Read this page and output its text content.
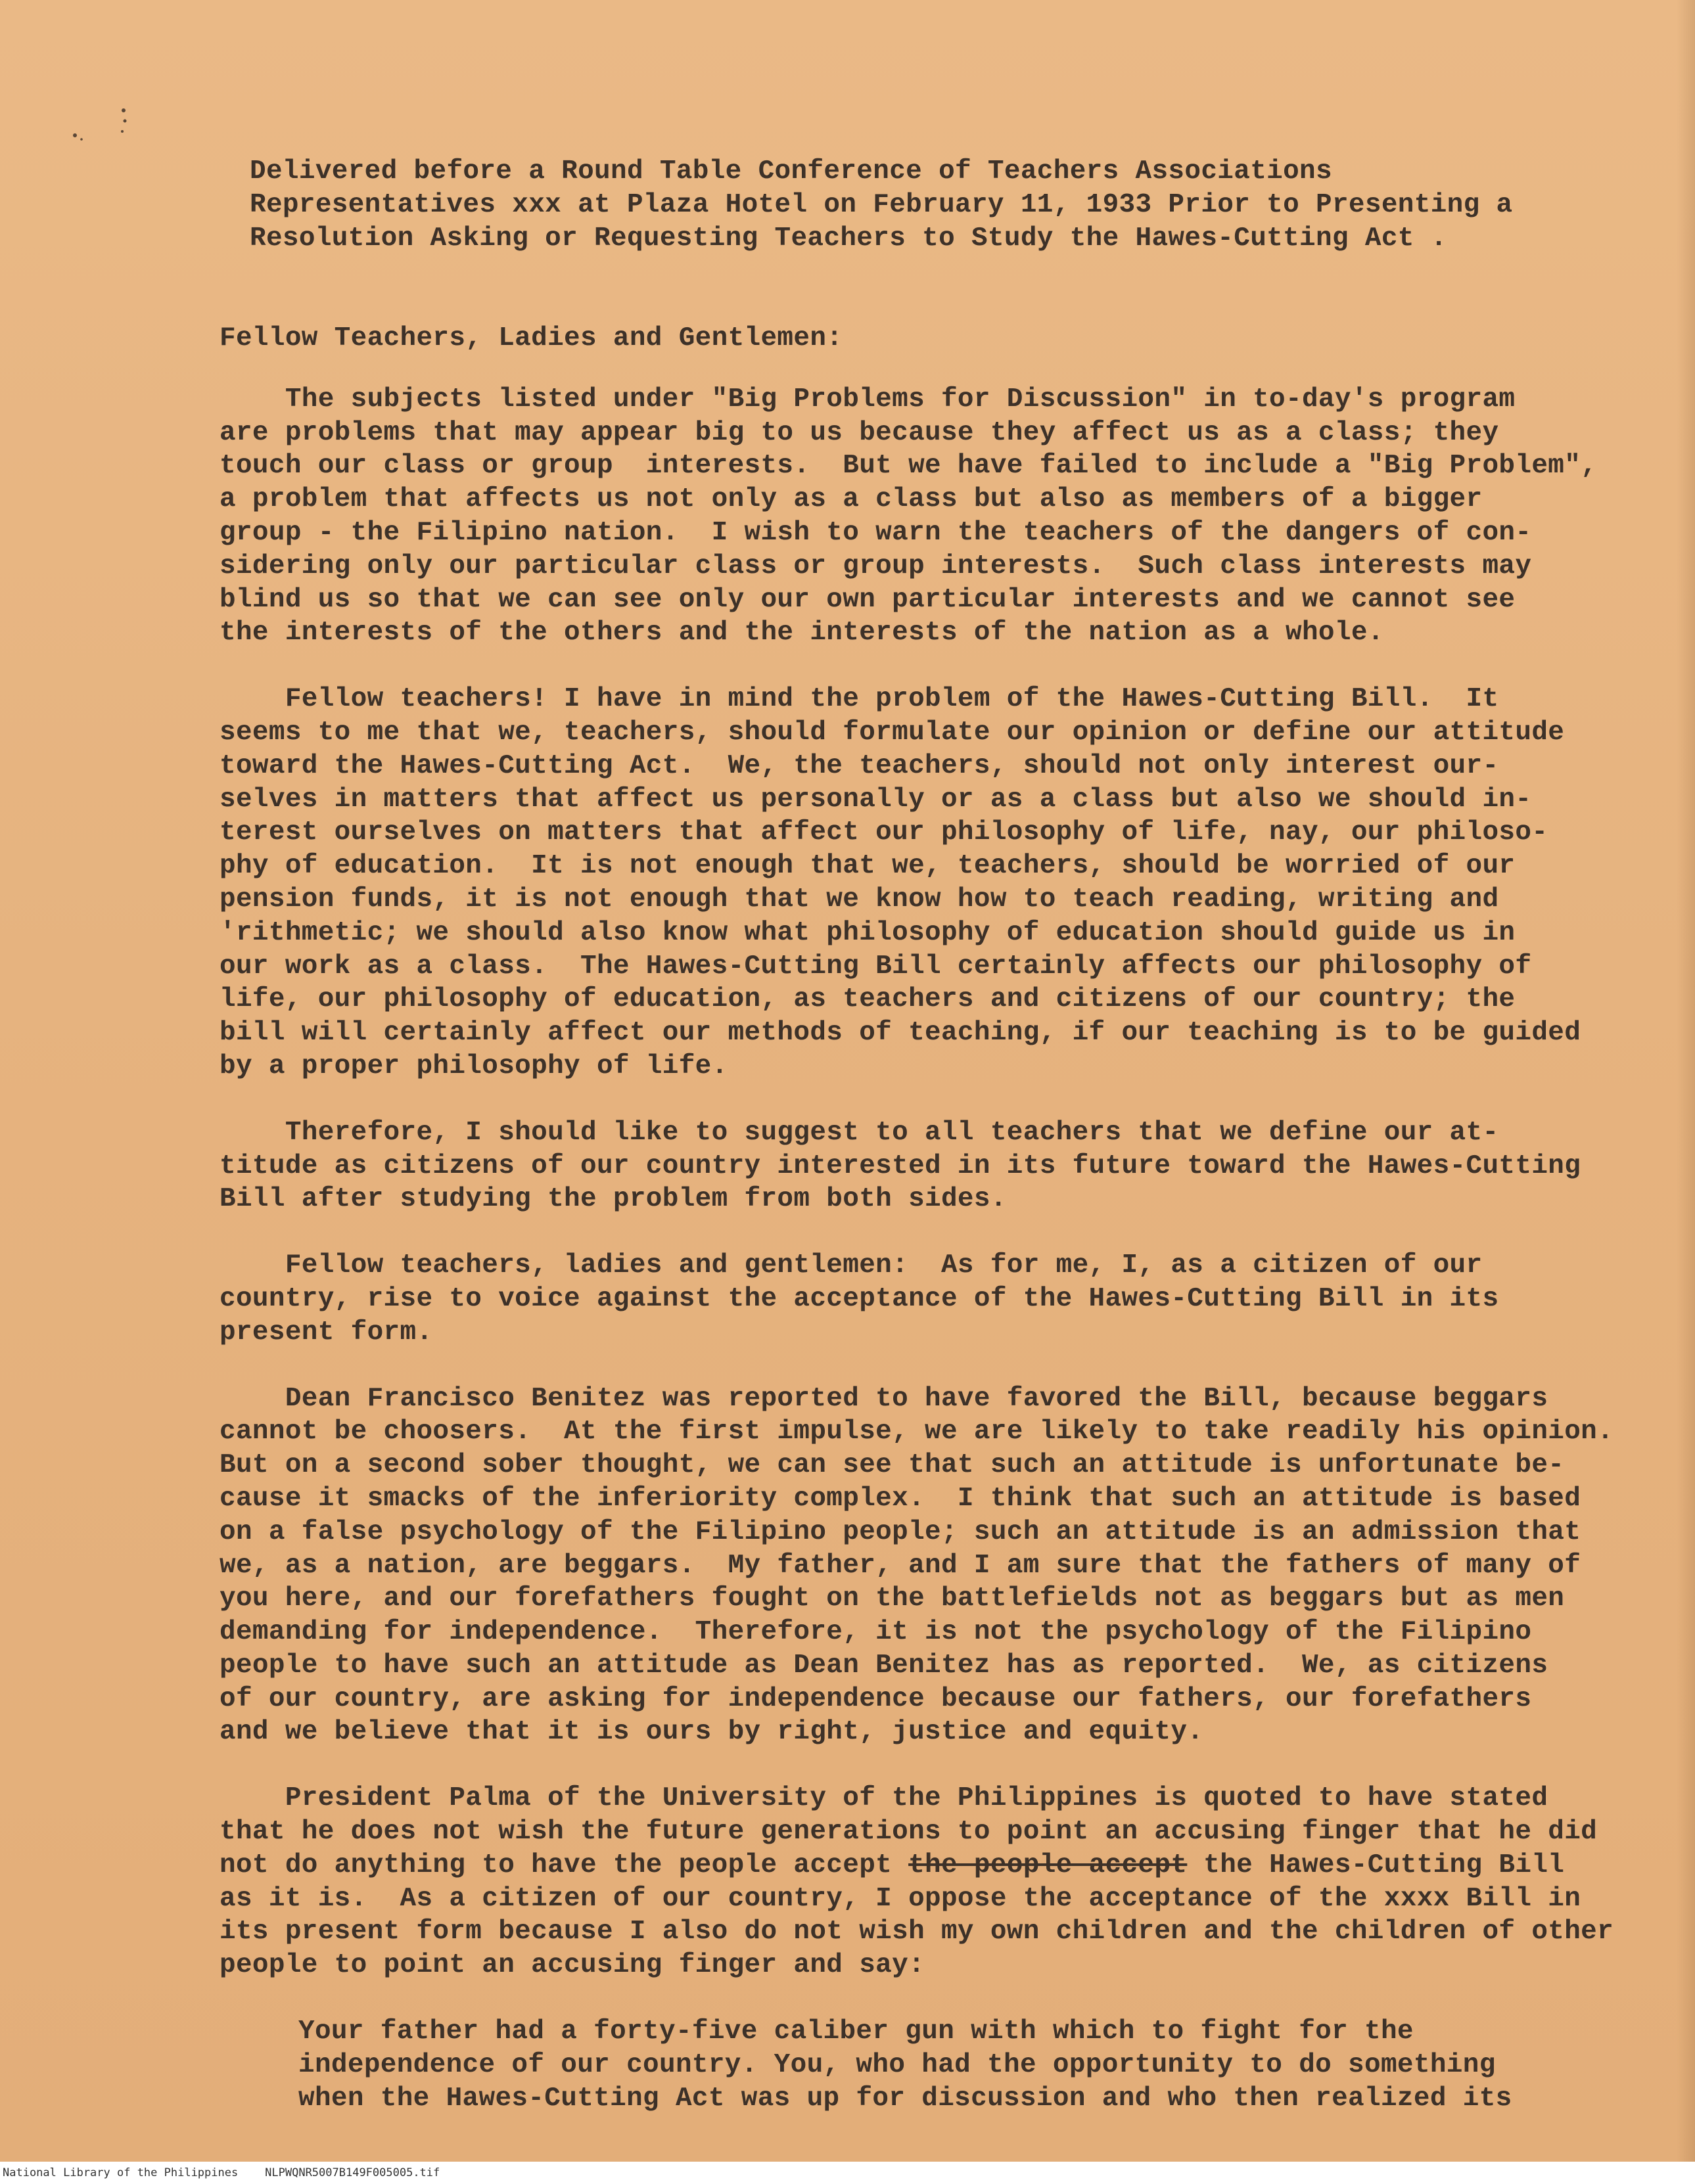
Delivered before a Round Table Conference of Teachers Associations
Representatives xxx at Plaza Hotel on February 11, 1933 Prior to Presenting a
Resolution Asking or Requesting Teachers to Study the Hawes-Cutting Act .
Fellow Teachers, Ladies and Gentlemen:
The subjects listed under "Big Problems for Discussion" in to-day's program
are problems that may appear big to us because they affect us as a class; they
touch our class or group  interests.  But we have failed to include a "Big Problem",
a problem that affects us not only as a class but also as members of a bigger
group - the Filipino nation.  I wish to warn the teachers of the dangers of con-
sidering only our particular class or group interests.  Such class interests may
blind us so that we can see only our own particular interests and we cannot see
the interests of the others and the interests of the nation as a whole.
Fellow teachers! I have in mind the problem of the Hawes-Cutting Bill.  It
seems to me that we, teachers, should formulate our opinion or define our attitude
toward the Hawes-Cutting Act.  We, the teachers, should not only interest our-
selves in matters that affect us personally or as a class but also we should in-
terest ourselves on matters that affect our philosophy of life, nay, our philoso-
phy of education.  It is not enough that we, teachers, should be worried of our
pension funds, it is not enough that we know how to teach reading, writing and
'rithmetic; we should also know what philosophy of education should guide us in
our work as a class.  The Hawes-Cutting Bill certainly affects our philosophy of
life, our philosophy of education, as teachers and citizens of our country; the
bill will certainly affect our methods of teaching, if our teaching is to be guided
by a proper philosophy of life.
Therefore, I should like to suggest to all teachers that we define our at-
titude as citizens of our country interested in its future toward the Hawes-Cutting
Bill after studying the problem from both sides.
Fellow teachers, ladies and gentlemen:  As for me, I, as a citizen of our
country, rise to voice against the acceptance of the Hawes-Cutting Bill in its
present form.
Dean Francisco Benitez was reported to have favored the Bill, because beggars
cannot be choosers.  At the first impulse, we are likely to take readily his opinion.
But on a second sober thought, we can see that such an attitude is unfortunate be-
cause it smacks of the inferiority complex.  I think that such an attitude is based
on a false psychology of the Filipino people; such an attitude is an admission that
we, as a nation, are beggars.  My father, and I am sure that the fathers of many of
you here, and our forefathers fought on the battlefields not as beggars but as men
demanding for independence.  Therefore, it is not the psychology of the Filipino
people to have such an attitude as Dean Benitez has as reported.  We, as citizens
of our country, are asking for independence because our fathers, our forefathers
and we believe that it is ours by right, justice and equity.
President Palma of the University of the Philippines is quoted to have stated
that he does not wish the future generations to point an accusing finger that he did
not do anything to have the people accept the people accept the Hawes-Cutting Bill
as it is.  As a citizen of our country, I oppose the acceptance of the xxxx Bill in
its present form because I also do not wish my own children and the children of other
people to point an accusing finger and say:
Your father had a forty-five caliber gun with which to fight for the
independence of our country. You, who had the opportunity to do something
when the Hawes-Cutting Act was up for discussion and who then realized its
National Library of the Philippines    NLPWQNR5007B149F005005.tif
